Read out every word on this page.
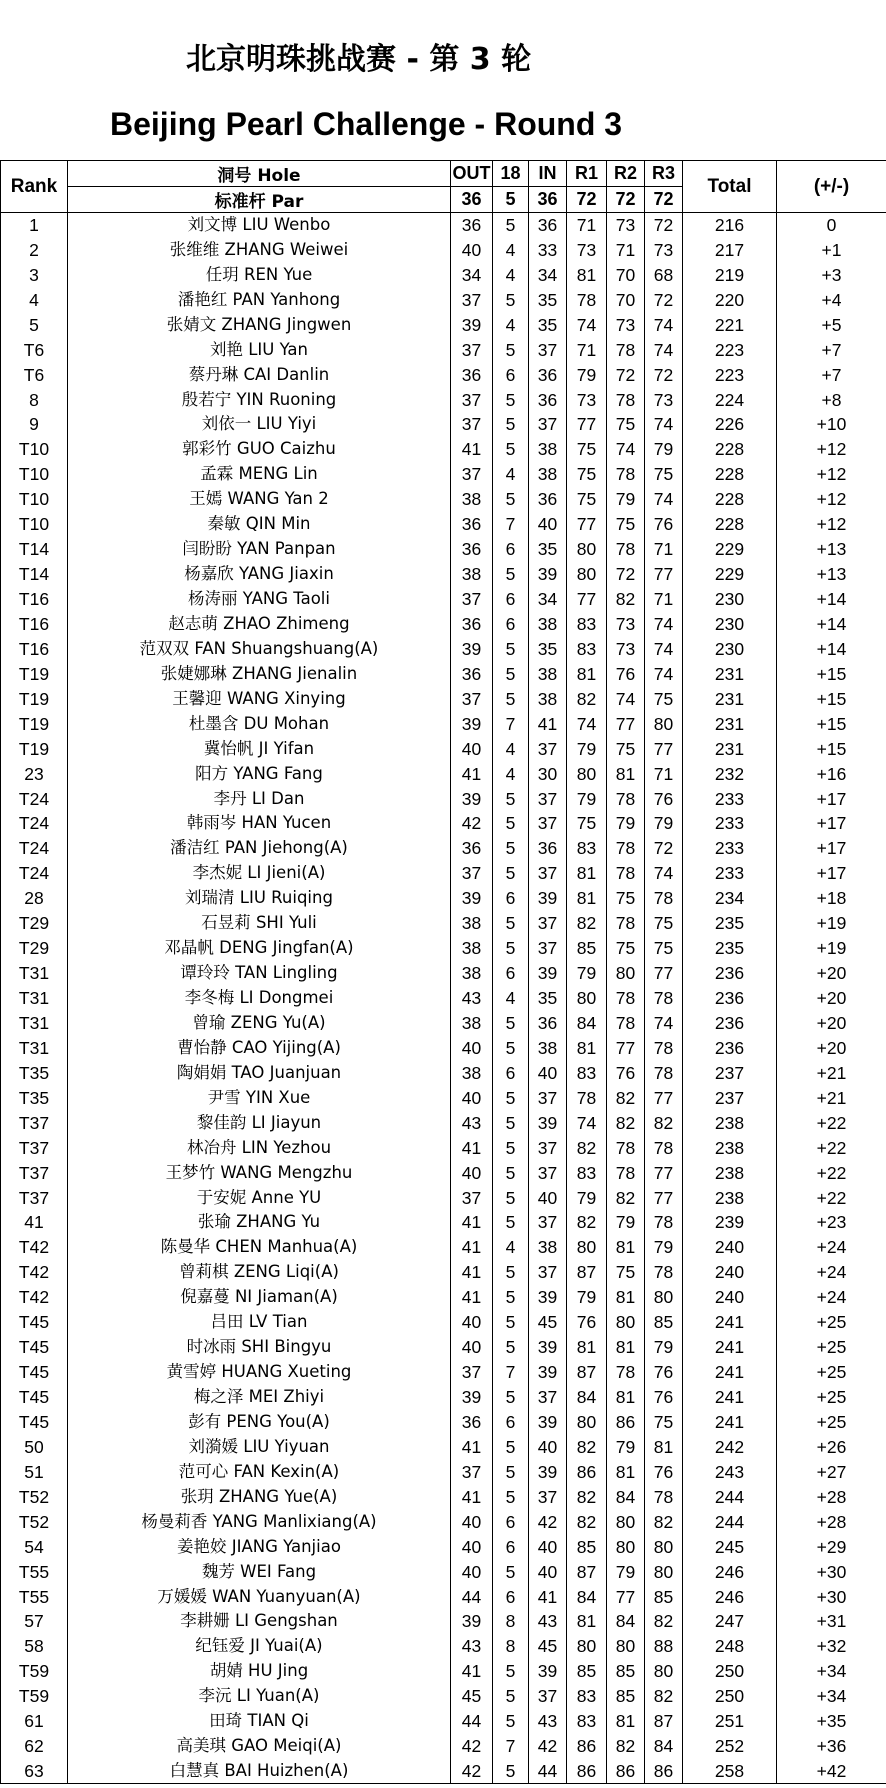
北京明珠挑战赛 - 第 3 轮
Beijing Pearl Challenge - Round 3
Rank	洞号 Hole	OUT	18	IN	R1	R2	R3	Total	(+/-)
	标准杆 Par	36	5	36	72	72	72		
1	刘文博 LIU Wenbo	36	5	36	71	73	72	216	0
2	张维维 ZHANG Weiwei	40	4	33	73	71	73	217	+1
3	任玥 REN Yue	34	4	34	81	70	68	219	+3
4	潘艳红 PAN Yanhong	37	5	35	78	70	72	220	+4
5	张婧文 ZHANG Jingwen	39	4	35	74	73	74	221	+5
T6	刘艳 LIU Yan	37	5	37	71	78	74	223	+7
T6	蔡丹琳 CAI Danlin	36	6	36	79	72	72	223	+7
8	殷若宁 YIN Ruoning	37	5	36	73	78	73	224	+8
9	刘依一 LIU Yiyi	37	5	37	77	75	74	226	+10
T10	郭彩竹 GUO Caizhu	41	5	38	75	74	79	228	+12
T10	孟霖 MENG Lin	37	4	38	75	78	75	228	+12
T10	王嫣 WANG Yan 2	38	5	36	75	79	74	228	+12
T10	秦敏 QIN Min	36	7	40	77	75	76	228	+12
T14	闫盼盼 YAN Panpan	36	6	35	80	78	71	229	+13
T14	杨嘉欣 YANG Jiaxin	38	5	39	80	72	77	229	+13
T16	杨涛丽 YANG Taoli	37	6	34	77	82	71	230	+14
T16	赵志萌 ZHAO Zhimeng	36	6	38	83	73	74	230	+14
T16	范双双 FAN Shuangshuang(A)	39	5	35	83	73	74	230	+14
T19	张婕娜琳 ZHANG Jienalin	36	5	38	81	76	74	231	+15
T19	王馨迎 WANG Xinying	37	5	38	82	74	75	231	+15
T19	杜墨含 DU Mohan	39	7	41	74	77	80	231	+15
T19	冀怡帆 JI Yifan	40	4	37	79	75	77	231	+15
23	阳方 YANG Fang	41	4	30	80	81	71	232	+16
T24	李丹 LI Dan	39	5	37	79	78	76	233	+17
T24	韩雨岑 HAN Yucen	42	5	37	75	79	79	233	+17
T24	潘洁红 PAN Jiehong(A)	36	5	36	83	78	72	233	+17
T24	李杰妮 LI Jieni(A)	37	5	37	81	78	74	233	+17
28	刘瑞清 LIU Ruiqing	39	6	39	81	75	78	234	+18
T29	石昱莉 SHI Yuli	38	5	37	82	78	75	235	+19
T29	邓晶帆 DENG Jingfan(A)	38	5	37	85	75	75	235	+19
T31	谭玲玲 TAN Lingling	38	6	39	79	80	77	236	+20
T31	李冬梅 LI Dongmei	43	4	35	80	78	78	236	+20
T31	曾瑜 ZENG Yu(A)	38	5	36	84	78	74	236	+20
T31	曹怡静 CAO Yijing(A)	40	5	38	81	77	78	236	+20
T35	陶娟娟 TAO Juanjuan	38	6	40	83	76	78	237	+21
T35	尹雪 YIN Xue	40	5	37	78	82	77	237	+21
T37	黎佳韵 LI Jiayun	43	5	39	74	82	82	238	+22
T37	林冶舟 LIN Yezhou	41	5	37	82	78	78	238	+22
T37	王梦竹 WANG Mengzhu	40	5	37	83	78	77	238	+22
T37	于安妮 Anne YU	37	5	40	79	82	77	238	+22
41	张瑜 ZHANG Yu	41	5	37	82	79	78	239	+23
T42	陈曼华 CHEN Manhua(A)	41	4	38	80	81	79	240	+24
T42	曾莉棋 ZENG Liqi(A)	41	5	37	87	75	78	240	+24
T42	倪嘉蔓 NI Jiaman(A)	41	5	39	79	81	80	240	+24
T45	吕田 LV Tian	40	5	45	76	80	85	241	+25
T45	时冰雨 SHI Bingyu	40	5	39	81	81	79	241	+25
T45	黄雪婷 HUANG Xueting	37	7	39	87	78	76	241	+25
T45	梅之泽 MEI Zhiyi	39	5	37	84	81	76	241	+25
T45	彭有 PENG You(A)	36	6	39	80	86	75	241	+25
50	刘漪媛 LIU Yiyuan	41	5	40	82	79	81	242	+26
51	范可心 FAN Kexin(A)	37	5	39	86	81	76	243	+27
T52	张玥 ZHANG Yue(A)	41	5	37	82	84	78	244	+28
T52	杨曼莉香 YANG Manlixiang(A)	40	6	42	82	80	82	244	+28
54	姜艳姣 JIANG Yanjiao	40	6	40	85	80	80	245	+29
T55	魏芳 WEI Fang	40	5	40	87	79	80	246	+30
T55	万媛媛 WAN Yuanyuan(A)	44	6	41	84	77	85	246	+30
57	李耕姗 LI Gengshan	39	8	43	81	84	82	247	+31
58	纪钰爱 JI Yuai(A)	43	8	45	80	80	88	248	+32
T59	胡婧 HU Jing	41	5	39	85	85	80	250	+34
T59	李沅 LI Yuan(A)	45	5	37	83	85	82	250	+34
61	田琦 TIAN Qi	44	5	43	83	81	87	251	+35
62	高美琪 GAO Meiqi(A)	42	7	42	86	82	84	252	+36
63	白慧真 BAI Huizhen(A)	42	5	44	86	86	86	258	+42
